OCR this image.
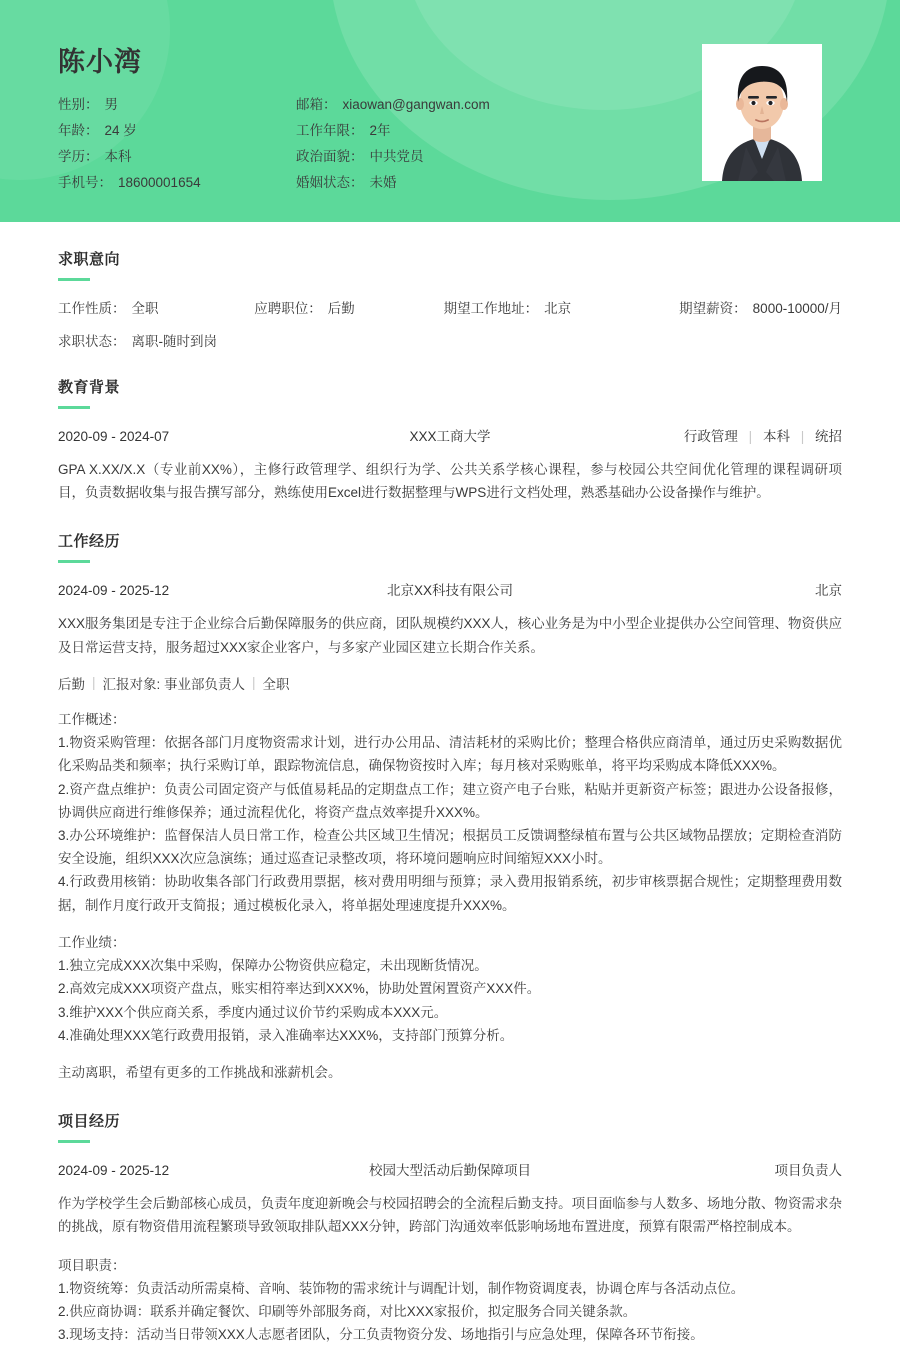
陈小湾
性别： 男	邮箱： xiaowan@gangwan.com
年龄： 24 岁	工作年限： 2年
学历： 本科	政治面貌： 中共党员
手机号： 18600001654	婚姻状态： 未婚
求职意向
工作性质： 全职	应聘职位： 后勤	期望工作地址： 北京	期望薪资： 8000-10000/月
求职状态： 离职-随时到岗
教育背景
2020-09 - 2024-07	XXX工商大学	行政管理 | 本科 | 统招
GPA X.XX/X.X（专业前XX%），主修行政管理学、组织行为学、公共关系学核心课程，参与校园公共空间优化管理的课程调研项目，负责数据收集与报告撰写部分，熟练使用Excel进行数据整理与WPS进行文档处理，熟悉基础办公设备操作与维护。
工作经历
2024-09 - 2025-12	北京XX科技有限公司	北京
XXX服务集团是专注于企业综合后勤保障服务的供应商，团队规模约XXX人，核心业务是为中小型企业提供办公空间管理、物资供应及日常运营支持，服务超过XXX家企业客户，与多家产业园区建立长期合作关系。
后勤 | 汇报对象: 事业部负责人 | 全职
工作概述：
1.物资采购管理：依据各部门月度物资需求计划，进行办公用品、清洁耗材的采购比价；整理合格供应商清单，通过历史采购数据优化采购品类和频率；执行采购订单，跟踪物流信息，确保物资按时入库；每月核对采购账单，将平均采购成本降低XXX%。
2.资产盘点维护：负责公司固定资产与低值易耗品的定期盘点工作；建立资产电子台账，粘贴并更新资产标签；跟进办公设备报修，协调供应商进行维修保养；通过流程优化，将资产盘点效率提升XXX%。
3.办公环境维护：监督保洁人员日常工作，检查公共区域卫生情况；根据员工反馈调整绿植布置与公共区域物品摆放；定期检查消防安全设施，组织XXX次应急演练；通过巡查记录整改项，将环境问题响应时间缩短XXX小时。
4.行政费用核销：协助收集各部门行政费用票据，核对费用明细与预算；录入费用报销系统，初步审核票据合规性；定期整理费用数据，制作月度行政开支简报；通过模板化录入，将单据处理速度提升XXX%。
工作业绩：
1.独立完成XXX次集中采购，保障办公物资供应稳定，未出现断货情况。
2.高效完成XXX项资产盘点，账实相符率达到XXX%，协助处置闲置资产XXX件。
3.维护XXX个供应商关系，季度内通过议价节约采购成本XXX元。
4.准确处理XXX笔行政费用报销，录入准确率达XXX%，支持部门预算分析。
主动离职，希望有更多的工作挑战和涨薪机会。
项目经历
2024-09 - 2025-12	校园大型活动后勤保障项目	项目负责人
作为学校学生会后勤部核心成员，负责年度迎新晚会与校园招聘会的全流程后勤支持。项目面临参与人数多、场地分散、物资需求杂的挑战，原有物资借用流程繁琐导致领取排队超XXX分钟，跨部门沟通效率低影响场地布置进度，预算有限需严格控制成本。
项目职责：
1.物资统筹：负责活动所需桌椅、音响、装饰物的需求统计与调配计划，制作物资调度表，协调仓库与各活动点位。
2.供应商协调：联系并确定餐饮、印刷等外部服务商，对比XXX家报价，拟定服务合同关键条款。
3.现场支持：活动当日带领XXX人志愿者团队，分工负责物资分发、场地指引与应急处理，保障各环节衔接。
